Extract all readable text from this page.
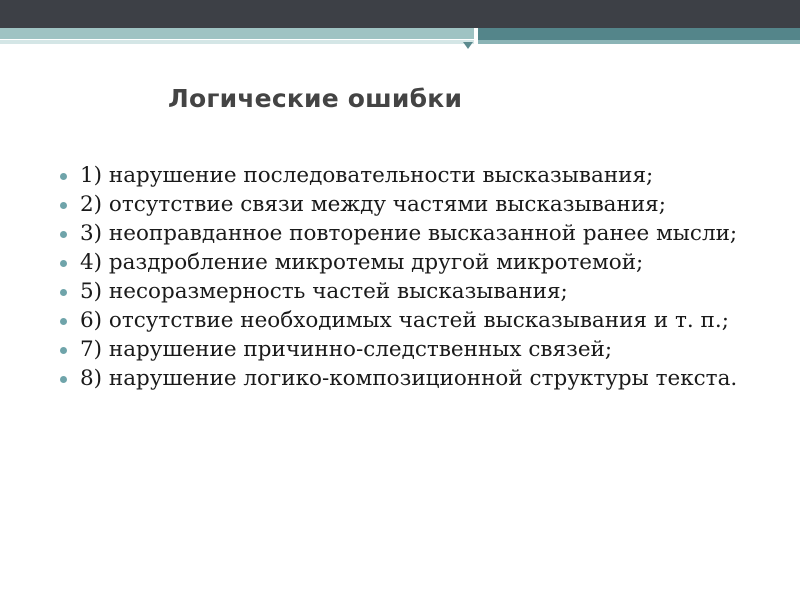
Логические ошибки
1) нарушение последовательности высказывания;
2) отсутствие связи между частями высказывания;
3) неоправданное повторение высказанной ранее мысли;
4) раздробление микротемы другой микротемой;
5) несоразмерность частей высказывания;
6) отсутствие необходимых частей высказывания и т. п.;
7) нарушение причинно-следственных связей;
8) нарушение логико-композиционной структуры текста.
